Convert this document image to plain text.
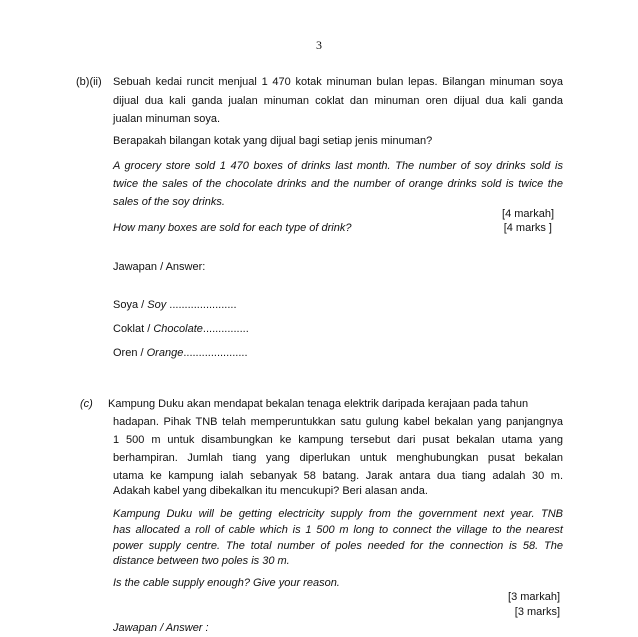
3
(b)(ii) Sebuah kedai runcit menjual 1 470 kotak minuman bulan lepas. Bilangan minuman soya
dijual dua kali ganda jualan minuman coklat dan minuman oren dijual dua kali ganda
jualan minuman soya.
Berapakah bilangan kotak yang dijual bagi setiap jenis minuman?
A grocery store sold 1 470 boxes of drinks last month. The number of soy drinks sold is
twice the sales of the chocolate drinks and the number of orange drinks sold is twice the
sales of the soy drinks.
[4 markah]
How many boxes are sold for each type of drink?	[4 marks ]
Jawapan / Answer:
Soya / Soy ......................
Coklat / Chocolate...............
Oren / Orange.....................
(c) Kampung Duku akan mendapat bekalan tenaga elektrik daripada kerajaan pada tahun
hadapan. Pihak TNB telah memperuntukkan satu gulung kabel bekalan yang panjangnya
1 500 m untuk disambungkan ke kampung tersebut dari pusat bekalan utama yang
berhampiran. Jumlah tiang yang diperlukan untuk menghubungkan pusat bekalan
utama ke kampung ialah sebanyak 58 batang. Jarak antara dua tiang adalah 30 m.
Adakah kabel yang dibekalkan itu mencukupi? Beri alasan anda.
Kampung Duku will be getting electricity supply from the government next year. TNB
has allocated a roll of cable which is 1 500 m long to connect the village to the nearest
power supply centre. The total number of poles needed for the connection is 58. The
distance between two poles is 30 m.
Is the cable supply enough? Give your reason.
[3 markah]
[3 marks]
Jawapan / Answer :
